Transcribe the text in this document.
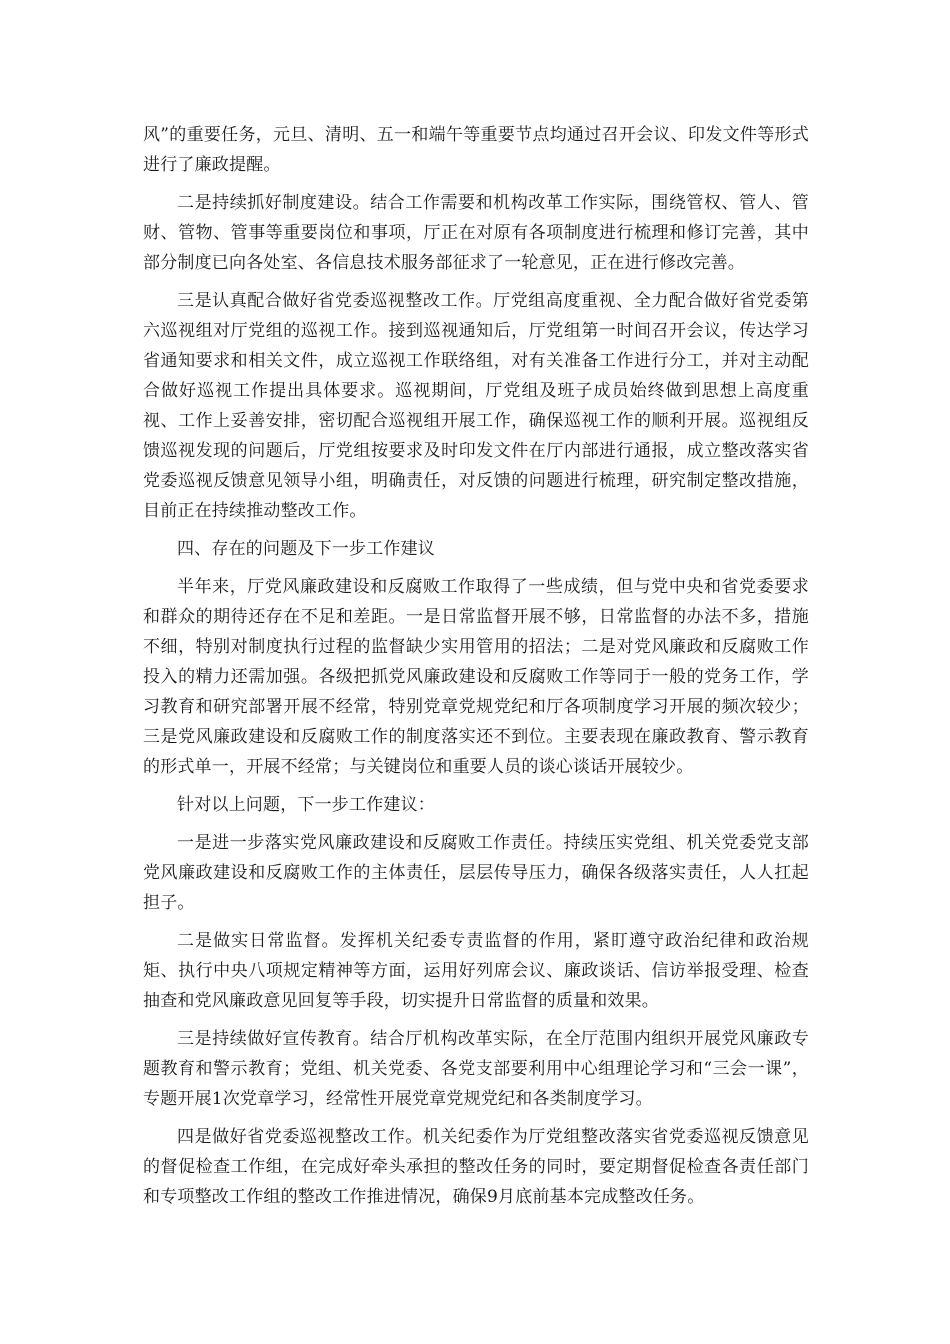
风”的重要任务，元旦、清明、五一和端午等重要节点均通过召开会议、印发文件等形式进行了廉政提醒。

二是持续抓好制度建设。结合工作需要和机构改革工作实际，围绕管权、管人、管财、管物、管事等重要岗位和事项，厅正在对原有各项制度进行梳理和修订完善，其中部分制度已向各处室、各信息技术服务部征求了一轮意见，正在进行修改完善。

三是认真配合做好省党委巡视整改工作。厅党组高度重视、全力配合做好省党委第六巡视组对厅党组的巡视工作。接到巡视通知后，厅党组第一时间召开会议，传达学习省通知要求和相关文件，成立巡视工作联络组，对有关准备工作进行分工，并对主动配合做好巡视工作提出具体要求。巡视期间，厅党组及班子成员始终做到思想上高度重视、工作上妥善安排，密切配合巡视组开展工作，确保巡视工作的顺利开展。巡视组反馈巡视发现的问题后，厅党组按要求及时印发文件在厅内部进行通报，成立整改落实省党委巡视反馈意见领导小组，明确责任，对反馈的问题进行梳理，研究制定整改措施，目前正在持续推动整改工作。

四、存在的问题及下一步工作建议

半年来，厅党风廉政建设和反腐败工作取得了一些成绩，但与党中央和省党委要求和群众的期待还存在不足和差距。一是日常监督开展不够，日常监督的办法不多，措施不细，特别对制度执行过程的监督缺少实用管用的招法；二是对党风廉政和反腐败工作投入的精力还需加强。各级把抓党风廉政建设和反腐败工作等同于一般的党务工作，学习教育和研究部署开展不经常，特别党章党规党纪和厅各项制度学习开展的频次较少；三是党风廉政建设和反腐败工作的制度落实还不到位。主要表现在廉政教育、警示教育的形式单一，开展不经常；与关键岗位和重要人员的谈心谈话开展较少。

针对以上问题，下一步工作建议：

一是进一步落实党风廉政建设和反腐败工作责任。持续压实党组、机关党委党支部党风廉政建设和反腐败工作的主体责任，层层传导压力，确保各级落实责任，人人扛起担子。

二是做实日常监督。发挥机关纪委专责监督的作用，紧盯遵守政治纪律和政治规矩、执行中央八项规定精神等方面，运用好列席会议、廉政谈话、信访举报受理、检查抽查和党风廉政意见回复等手段，切实提升日常监督的质量和效果。

三是持续做好宣传教育。结合厅机构改革实际，在全厅范围内组织开展党风廉政专题教育和警示教育；党组、机关党委、各党支部要利用中心组理论学习和“三会一课”，专题开展1次党章学习，经常性开展党章党规党纪和各类制度学习。

四是做好省党委巡视整改工作。机关纪委作为厅党组整改落实省党委巡视反馈意见的督促检查工作组，在完成好牵头承担的整改任务的同时，要定期督促检查各责任部门和专项整改工作组的整改工作推进情况，确保9月底前基本完成整改任务。
